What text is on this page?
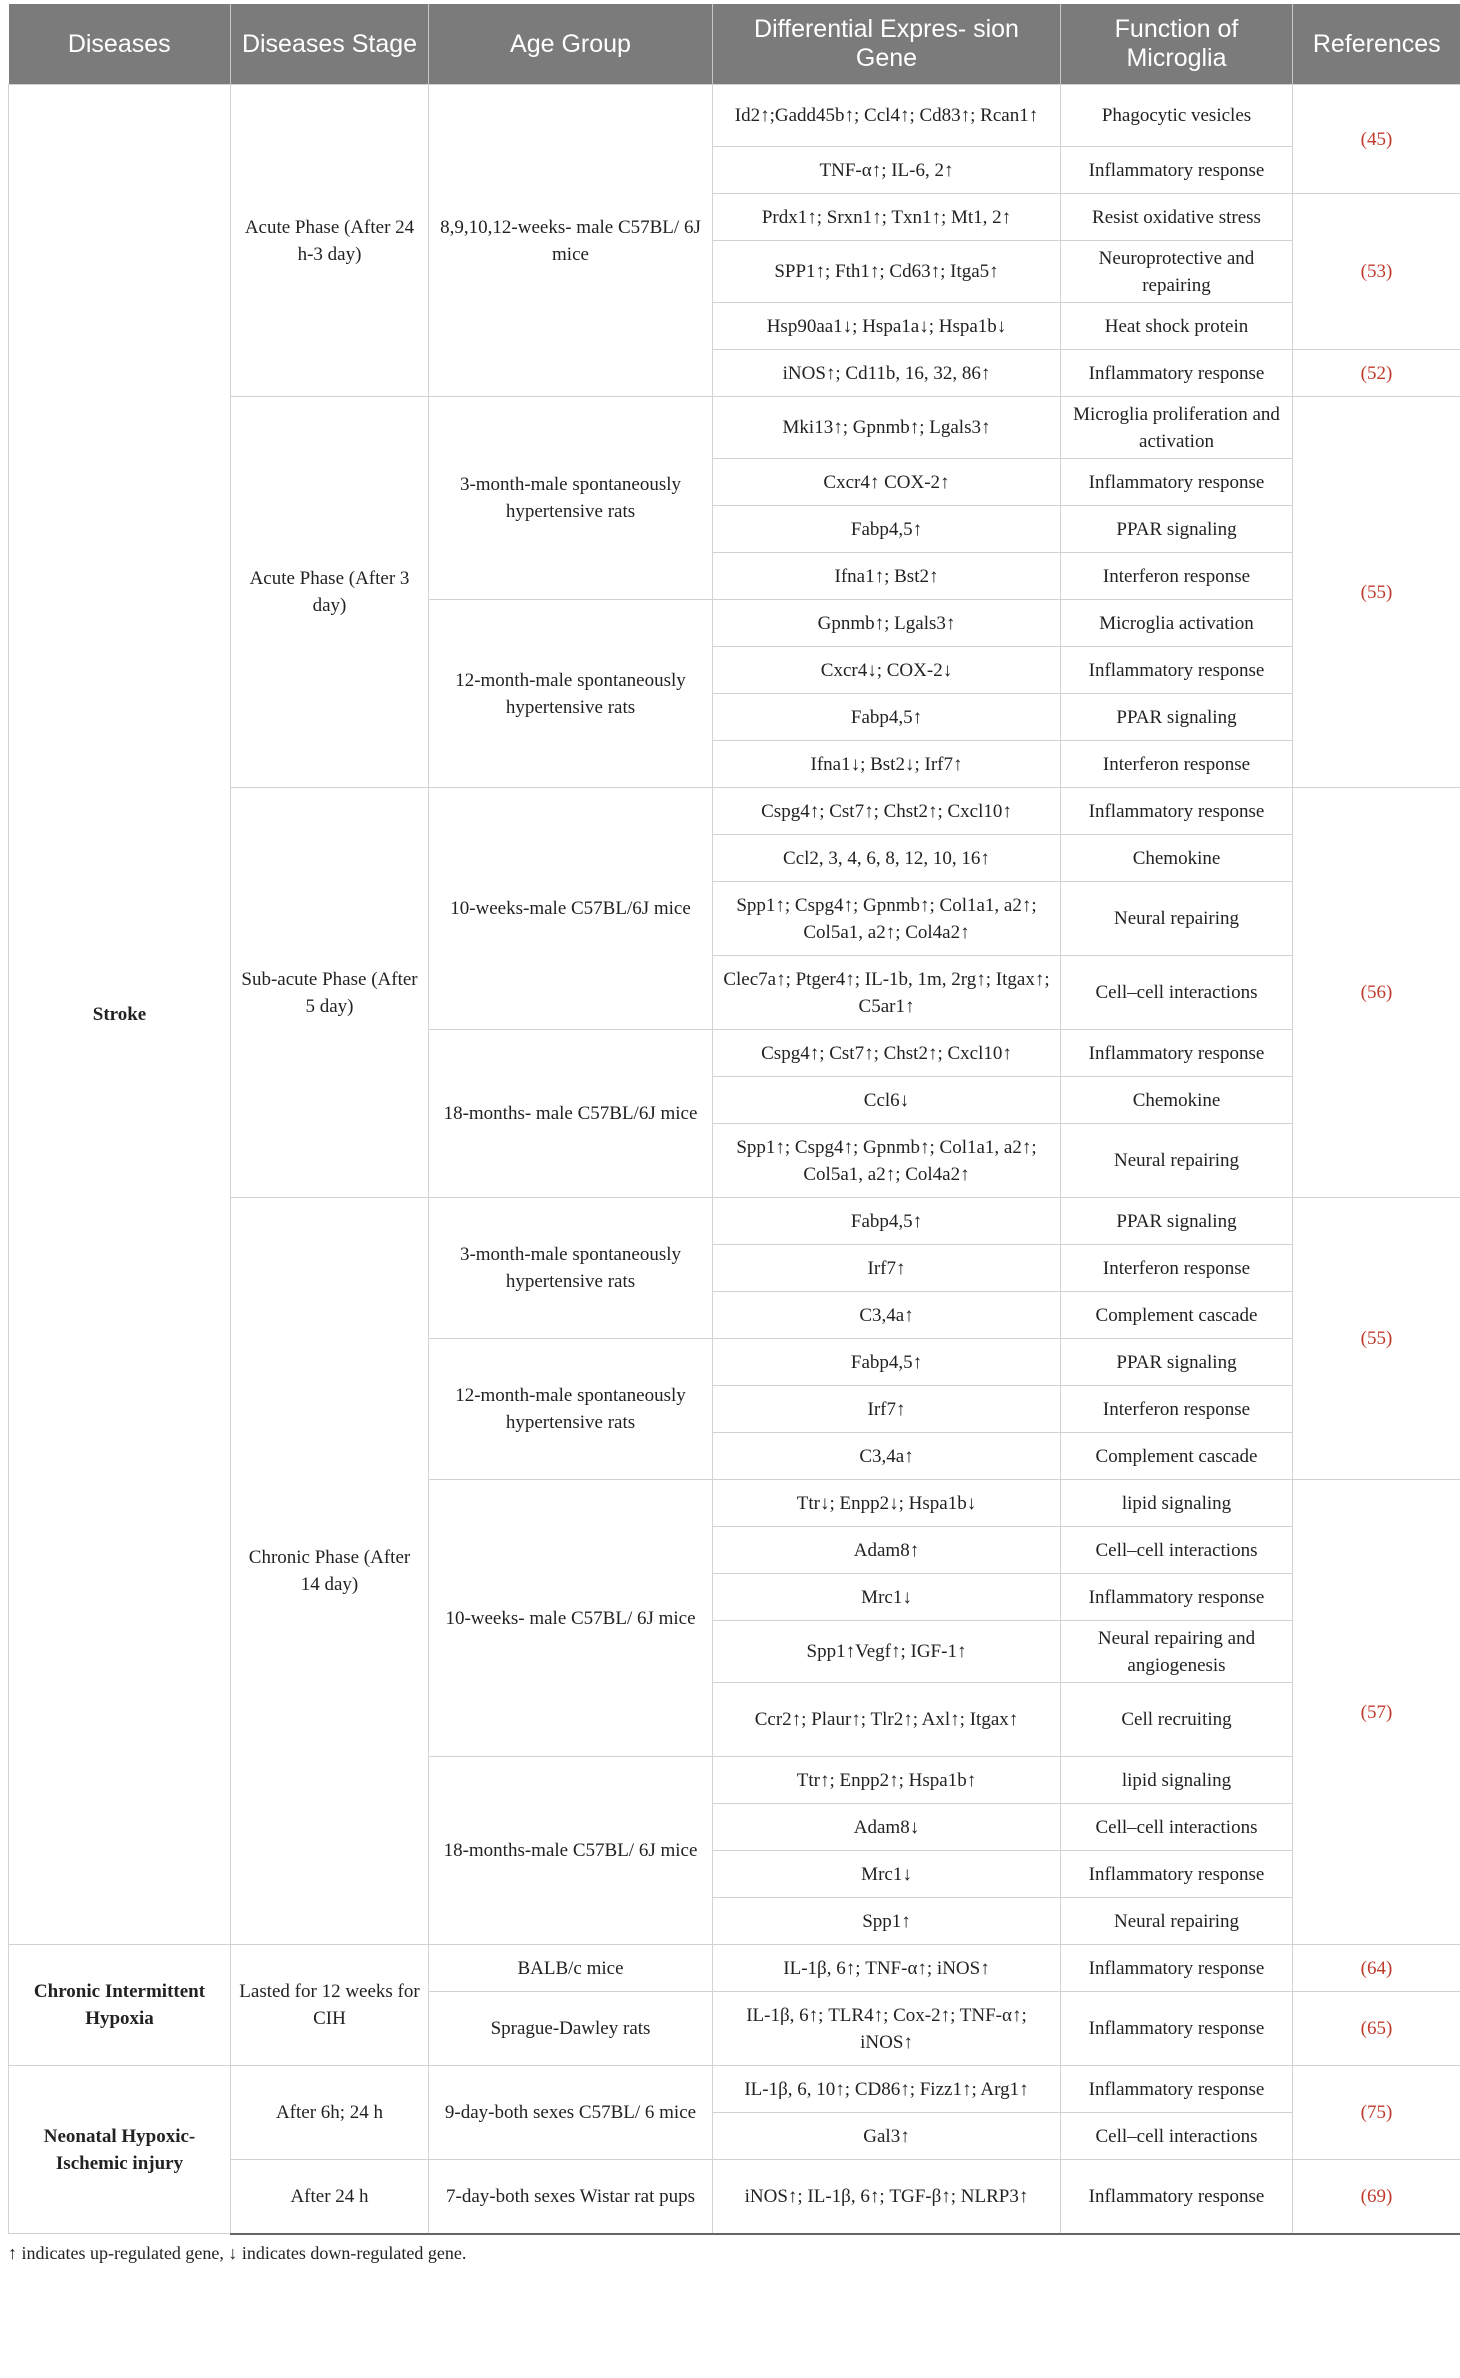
Diseases	Diseases Stage	Age Group	Differential Expres- sion Gene	Function of Microglia	References
Stroke	Acute Phase (After 24 h-3 day)	8,9,10,12-weeks- male C57BL/ 6J mice	Id2↑;Gadd45b↑; Ccl4↑; Cd83↑; Rcan1↑	Phagocytic vesicles	(45)
			TNF-α↑; IL-6, 2↑	Inflammatory response	
			Prdx1↑; Srxn1↑; Txn1↑; Mt1, 2↑	Resist oxidative stress	(53)
			SPP1↑; Fth1↑; Cd63↑; Itga5↑	Neuroprotective and repairing	
			Hsp90aa1↓; Hspa1a↓; Hspa1b↓	Heat shock protein	
			iNOS↑; Cd11b, 16, 32, 86↑	Inflammatory response	(52)
	Acute Phase (After 3 day)	3-month-male spontaneously hypertensive rats	Mki13↑; Gpnmb↑; Lgals3↑	Microglia proliferation and activation	(55)
			Cxcr4↑ COX-2↑	Inflammatory response	
			Fabp4,5↑	PPAR signaling	
			Ifna1↑; Bst2↑	Interferon response	
		12-month-male spontaneously hypertensive rats	Gpnmb↑; Lgals3↑	Microglia activation	
			Cxcr4↓; COX-2↓	Inflammatory response	
			Fabp4,5↑	PPAR signaling	
			Ifna1↓; Bst2↓; Irf7↑	Interferon response	
	Sub-acute Phase (After 5 day)	10-weeks-male C57BL/6J mice	Cspg4↑; Cst7↑; Chst2↑; Cxcl10↑	Inflammatory response	(56)
			Ccl2, 3, 4, 6, 8, 12, 10, 16↑	Chemokine	
			Spp1↑; Cspg4↑; Gpnmb↑; Col1a1, a2↑; Col5a1, a2↑; Col4a2↑	Neural repairing	
			Clec7a↑; Ptger4↑; IL-1b, 1m, 2rg↑; Itgax↑; C5ar1↑	Cell–cell interactions	
		18-months- male C57BL/6J mice	Cspg4↑; Cst7↑; Chst2↑; Cxcl10↑	Inflammatory response	
			Ccl6↓	Chemokine	
			Spp1↑; Cspg4↑; Gpnmb↑; Col1a1, a2↑; Col5a1, a2↑; Col4a2↑	Neural repairing	
	Chronic Phase (After 14 day)	3-month-male spontaneously hypertensive rats	Fabp4,5↑	PPAR signaling	(55)
			Irf7↑	Interferon response	
			C3,4a↑	Complement cascade	
		12-month-male spontaneously hypertensive rats	Fabp4,5↑	PPAR signaling	
			Irf7↑	Interferon response	
			C3,4a↑	Complement cascade	
		10-weeks- male C57BL/ 6J mice	Ttr↓; Enpp2↓; Hspa1b↓	lipid signaling	(57)
			Adam8↑	Cell–cell interactions	
			Mrc1↓	Inflammatory response	
			Spp1↑Vegf↑; IGF-1↑	Neural repairing and angiogenesis	
			Ccr2↑; Plaur↑; Tlr2↑; Axl↑; Itgax↑	Cell recruiting	
		18-months-male C57BL/ 6J mice	Ttr↑; Enpp2↑; Hspa1b↑	lipid signaling	
			Adam8↓	Cell–cell interactions	
			Mrc1↓	Inflammatory response	
			Spp1↑	Neural repairing	
Chronic Intermittent Hypoxia	Lasted for 12 weeks for CIH	BALB/c mice	IL-1β, 6↑; TNF-α↑; iNOS↑	Inflammatory response	(64)
		Sprague-Dawley rats	IL-1β, 6↑; TLR4↑; Cox-2↑; TNF-α↑; iNOS↑	Inflammatory response	(65)
Neonatal Hypoxic- Ischemic injury	After 6h; 24 h	9-day-both sexes C57BL/ 6 mice	IL-1β, 6, 10↑; CD86↑; Fizz1↑; Arg1↑	Inflammatory response	(75)
			Gal3↑	Cell–cell interactions	
	After 24 h	7-day-both sexes Wistar rat pups	iNOS↑; IL-1β, 6↑; TGF-β↑; NLRP3↑	Inflammatory response	(69)
↑ indicates up-regulated gene, ↓ indicates down-regulated gene.
